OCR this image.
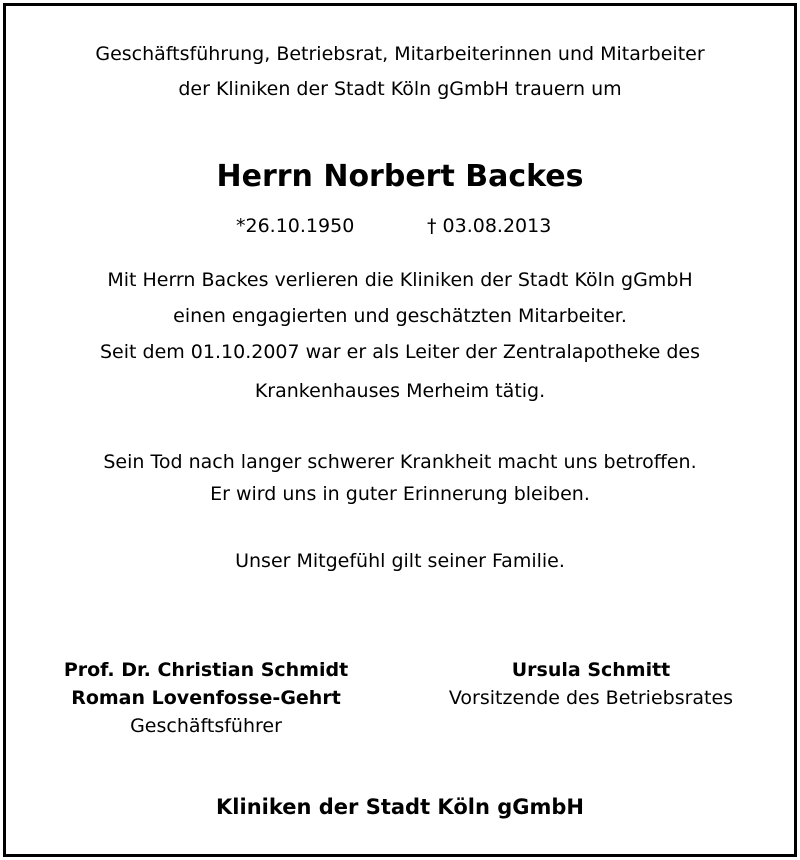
Geschäftsführung, Betriebsrat, Mitarbeiterinnen und Mitarbeiter
der Kliniken der Stadt Köln gGmbH trauern um
Herrn Norbert Backes
*26.10.1950	† 03.08.2013
Mit Herrn Backes verlieren die Kliniken der Stadt Köln gGmbH
einen engagierten und geschätzten Mitarbeiter.
Seit dem 01.10.2007 war er als Leiter der Zentralapotheke des
Krankenhauses Merheim tätig.
Sein Tod nach langer schwerer Krankheit macht uns betroffen.
Er wird uns in guter Erinnerung bleiben.
Unser Mitgefühl gilt seiner Familie.
Prof. Dr. Christian Schmidt
Roman Lovenfosse-Gehrt
Geschäftsführer
Ursula Schmitt
Vorsitzende des Betriebsrates
Kliniken der Stadt Köln gGmbH
